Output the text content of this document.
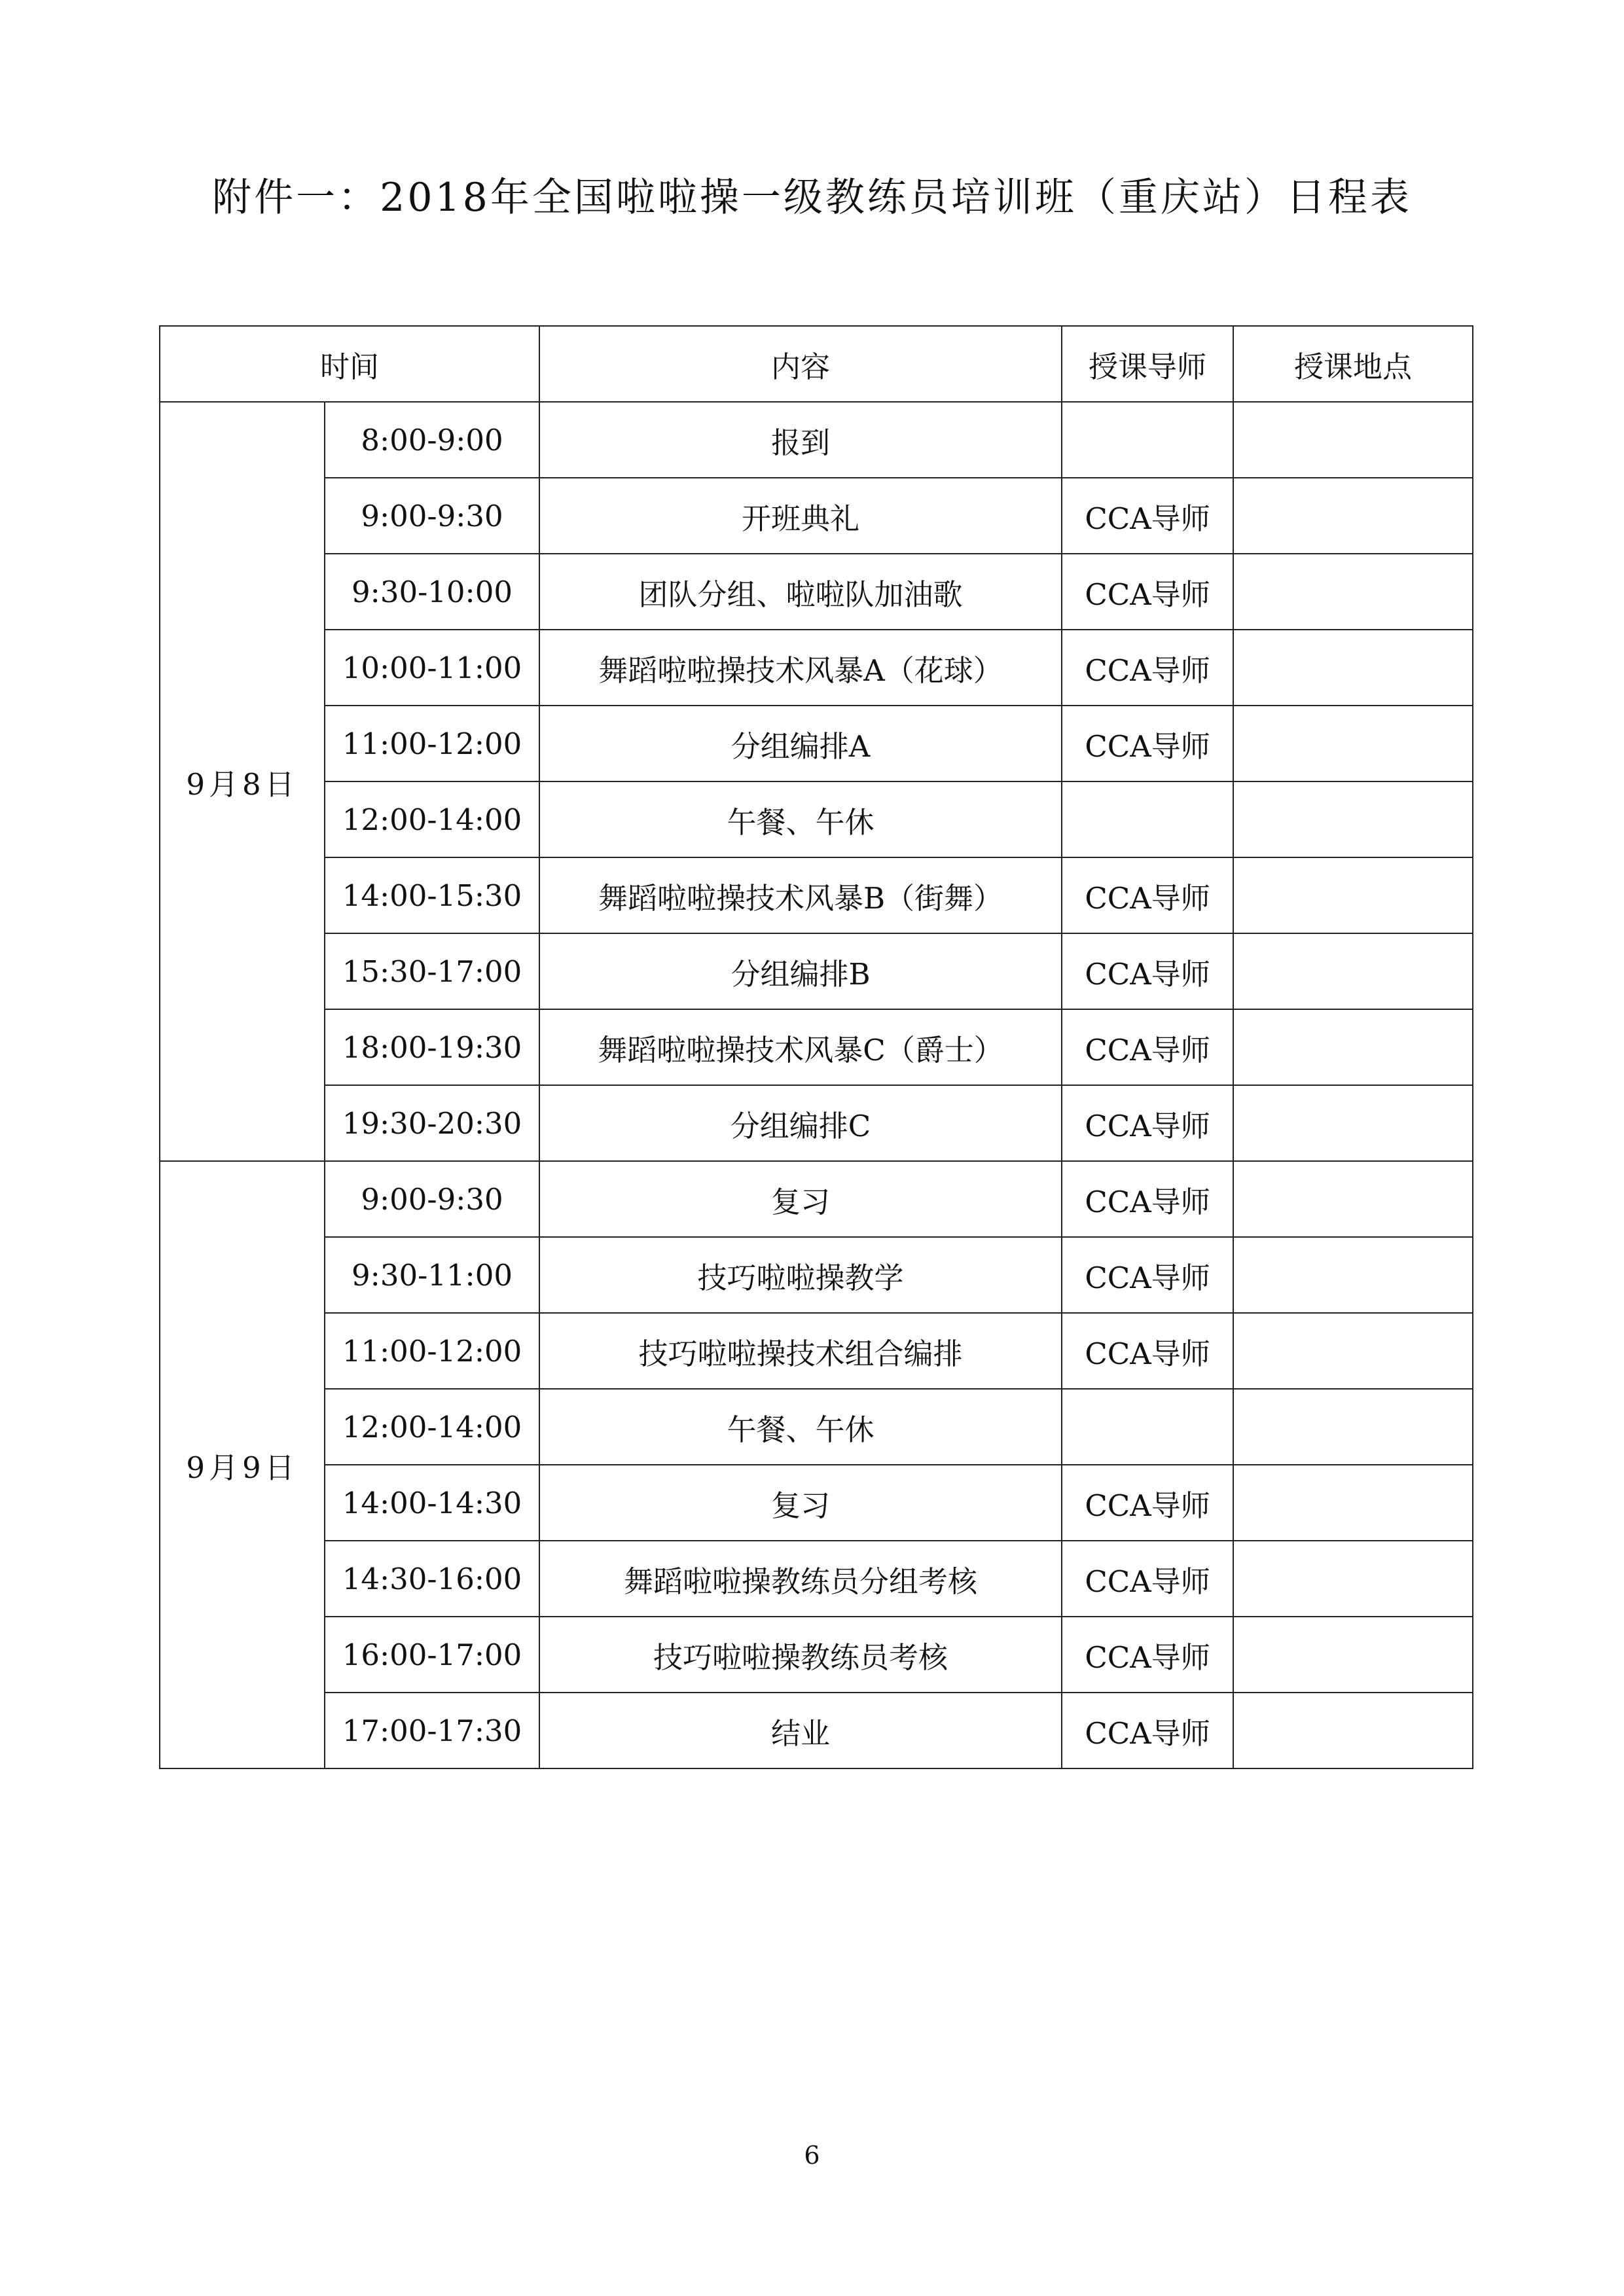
附件一：2018年全国啦啦操一级教练员培训班（重庆站）日程表
时间		内容	授课导师	授课地点
9月8日	8:00-9:00	报到		
	9:00-9:30	开班典礼	CCA导师	
	9:30-10:00	团队分组、啦啦队加油歌	CCA导师	
	10:00-11:00	舞蹈啦啦操技术风暴A（花球）	CCA导师	
	11:00-12:00	分组编排A	CCA导师	
	12:00-14:00	午餐、午休		
	14:00-15:30	舞蹈啦啦操技术风暴B（街舞）	CCA导师	
	15:30-17:00	分组编排B	CCA导师	
	18:00-19:30	舞蹈啦啦操技术风暴C（爵士）	CCA导师	
	19:30-20:30	分组编排C	CCA导师	
9月9日	9:00-9:30	复习	CCA导师	
	9:30-11:00	技巧啦啦操教学	CCA导师	
	11:00-12:00	技巧啦啦操技术组合编排	CCA导师	
	12:00-14:00	午餐、午休		
	14:00-14:30	复习	CCA导师	
	14:30-16:00	舞蹈啦啦操教练员分组考核	CCA导师	
	16:00-17:00	技巧啦啦操教练员考核	CCA导师	
	17:00-17:30	结业	CCA导师	
6
